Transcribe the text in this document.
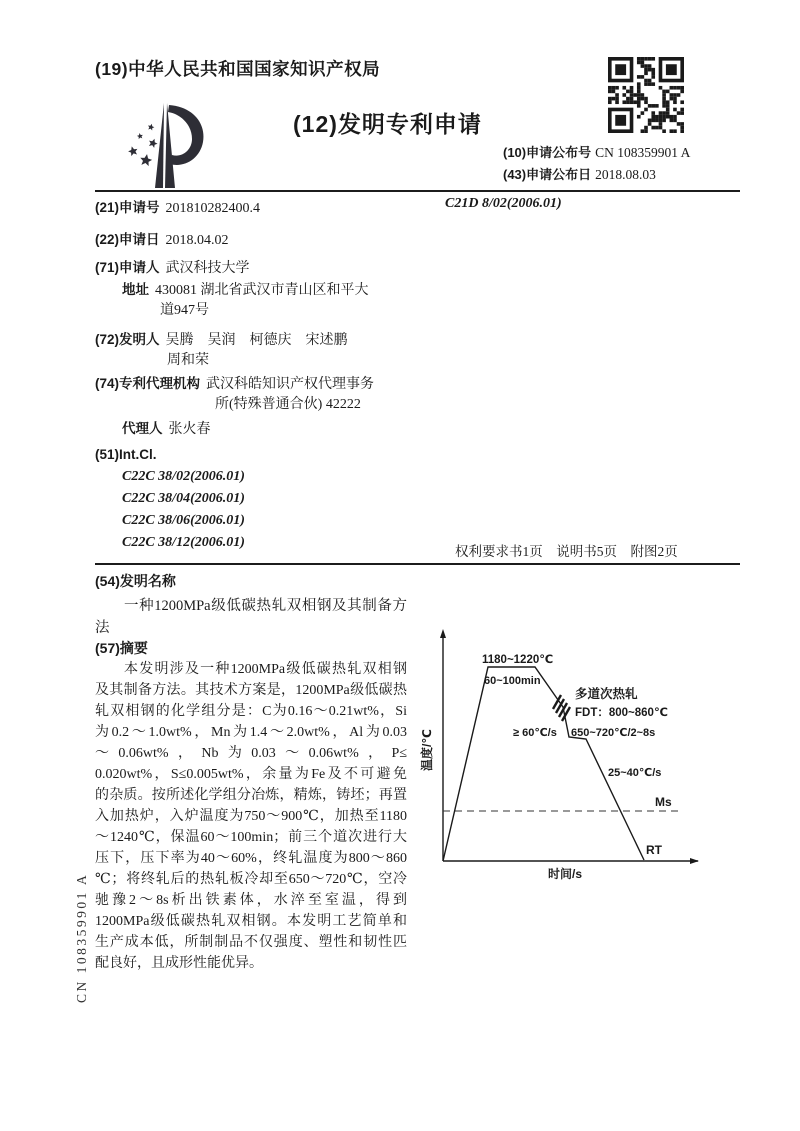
(19)中华人民共和国国家知识产权局
(12)发明专利申请
(10)申请公布号 CN 108359901 A
(43)申请公布日 2018.08.03
(21)申请号 201810282400.4	C21D 8/02(2006.01)
(22)申请日 2018.04.02
(71)申请人 武汉科技大学
地址 430081 湖北省武汉市青山区和平大
道947号
(72)发明人 吴腾　吴润　柯德庆　宋述鹏
周和荣
(74)专利代理机构 武汉科皓知识产权代理事务
所(特殊普通合伙) 42222
代理人 张火春
(51)Int.Cl.
C22C 38/02(2006.01)
C22C 38/04(2006.01)
C22C 38/06(2006.01)
C22C 38/12(2006.01)
权利要求书1页　说明书5页　附图2页
(54)发明名称
一种1200MPa级低碳热轧双相钢及其制备方
法
(57)摘要
本发明涉及一种1200MPa级低碳热轧双相钢
及其制备方法。其技术方案是，1200MPa级低碳热
轧双相钢的化学组分是：C为0.16～0.21wt%，Si
为0.2～1.0wt%，Mn为1.4～2.0wt%，Al为0.03
～0.06wt%，Nb为0.03～0.06wt%，P≤
0.020wt%，S≤0.005wt%，余量为Fe及不可避免
的杂质。按所述化学组分冶炼，精炼，铸坯；再置
入加热炉，入炉温度为750～900℃，加热至1180
～1240℃，保温60～100min；前三个道次进行大
压下，压下率为40～60%，终轧温度为800～860
℃；将终轧后的热轧板冷却至650～720℃，空冷
驰豫2～8s析出铁素体，水淬至室温，得到
1200MPa级低碳热轧双相钢。本发明工艺简单和
生产成本低，所制制品不仅强度、塑性和韧性匹
配良好，且成形性能优异。
1180~1220℃
60~100min
多道次热轧
FDT：800~860℃
≥ 60℃/s 650~720℃/2~8s
25~40℃/s
Ms
RT
时间/s
温度/℃
CN 108359901 A
